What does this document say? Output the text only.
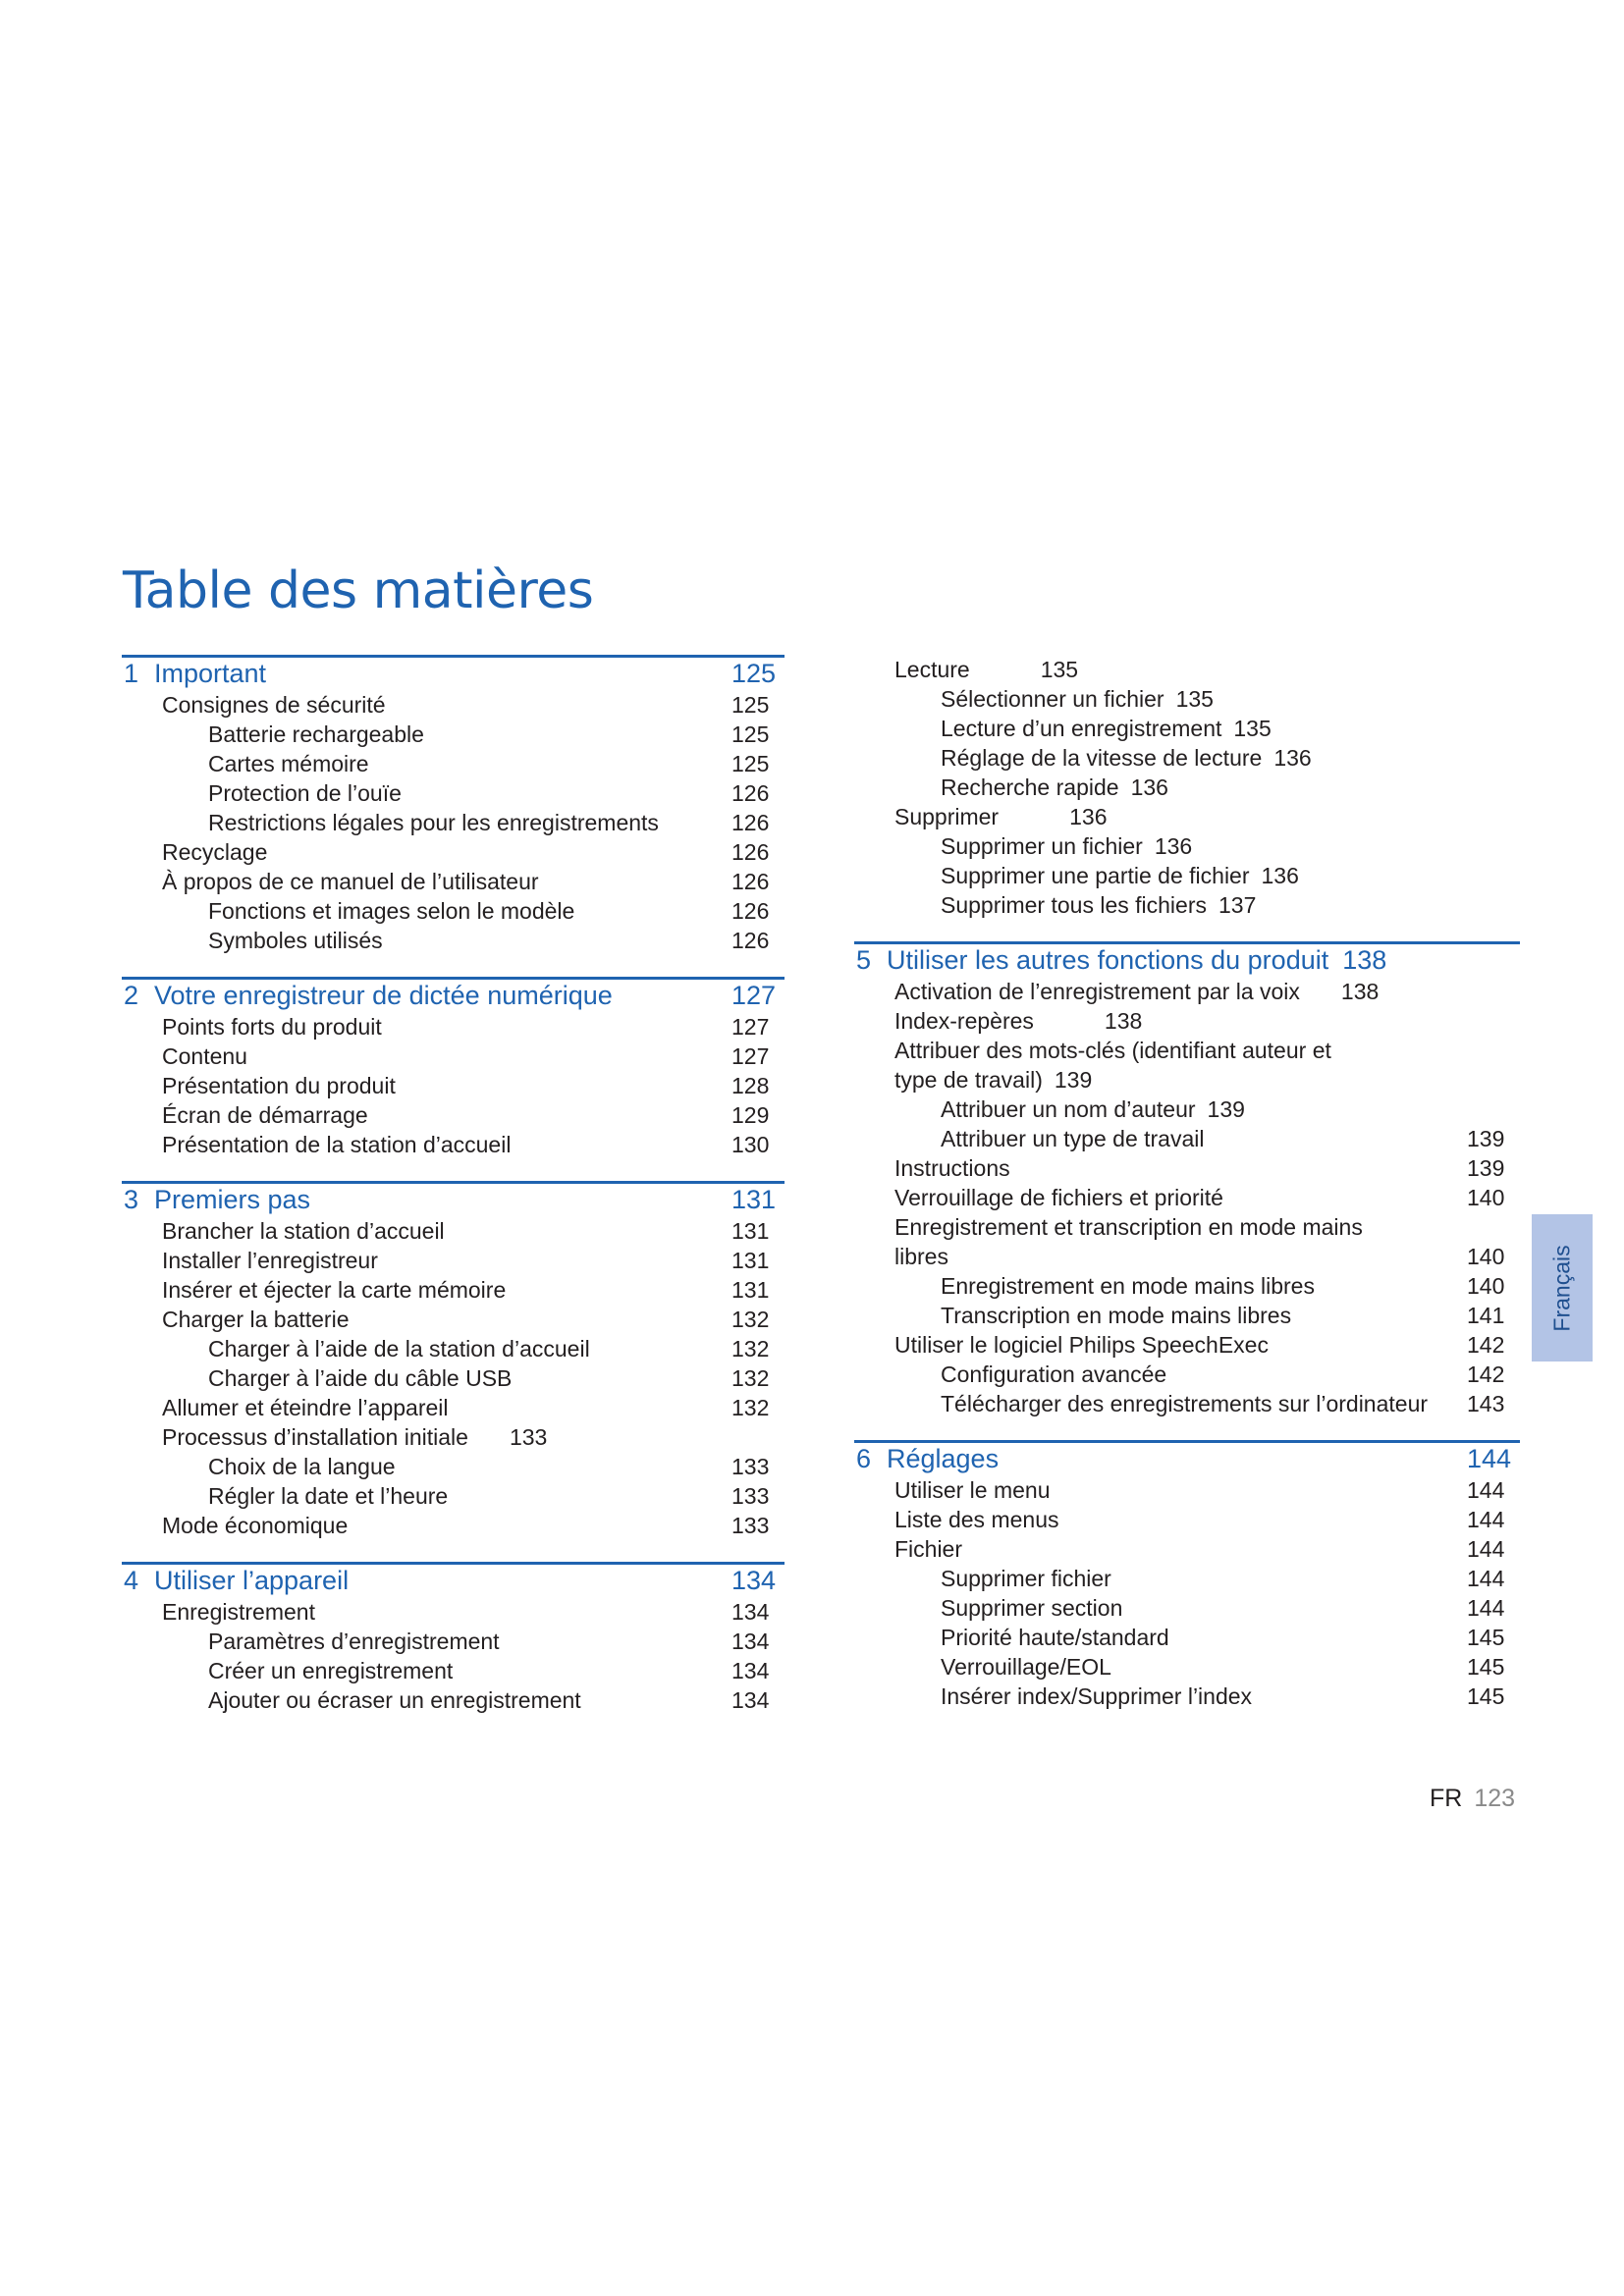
Table des matières
1 Important	125
Consignes de sécurité	125
Batterie rechargeable	125
Cartes mémoire	125
Protection de l’ouïe	126
Restrictions légales pour les enregistrements	126
Recyclage	126
À propos de ce manuel de l’utilisateur	126
Fonctions et images selon le modèle	126
Symboles utilisés	126
2 Votre enregistreur de dictée numérique	127
Points forts du produit	127
Contenu	127
Présentation du produit	128
Écran de démarrage	129
Présentation de la station d’accueil	130
3 Premiers pas	131
Brancher la station d’accueil	131
Installer l’enregistreur	131
Insérer et éjecter la carte mémoire	131
Charger la batterie	132
Charger à l’aide de la station d’accueil	132
Charger à l’aide du câble USB	132
Allumer et éteindre l’appareil	132
Processus d’installation initiale	133
Choix de la langue	133
Régler la date et l’heure	133
Mode économique	133
4 Utiliser l’appareil	134
Enregistrement	134
Paramètres d’enregistrement	134
Créer un enregistrement	134
Ajouter ou écraser un enregistrement	134
Lecture	135
Sélectionner un fichier 135
Lecture d’un enregistrement 135
Réglage de la vitesse de lecture 136
Recherche rapide 136
Supprimer	136
Supprimer un fichier 136
Supprimer une partie de fichier 136
Supprimer tous les fichiers 137
5 Utiliser les autres fonctions du produit 138
Activation de l’enregistrement par la voix	138
Index-repères	138
Attribuer des mots-clés (identifiant auteur et
type de travail) 139
Attribuer un nom d’auteur 139
Attribuer un type de travail	139
Instructions	139
Verrouillage de fichiers et priorité	140
Enregistrement et transcription en mode mains
libres	140
Enregistrement en mode mains libres	140
Transcription en mode mains libres	141
Utiliser le logiciel Philips SpeechExec	142
Configuration avancée	142
Télécharger des enregistrements sur l’ordinateur 143
6 Réglages	144
Utiliser le menu	144
Liste des menus	144
Fichier	144
Supprimer fichier	144
Supprimer section	144
Priorité haute/standard	145
Verrouillage/EOL	145
Insérer index/Supprimer l’index	145
Français
FR 123
